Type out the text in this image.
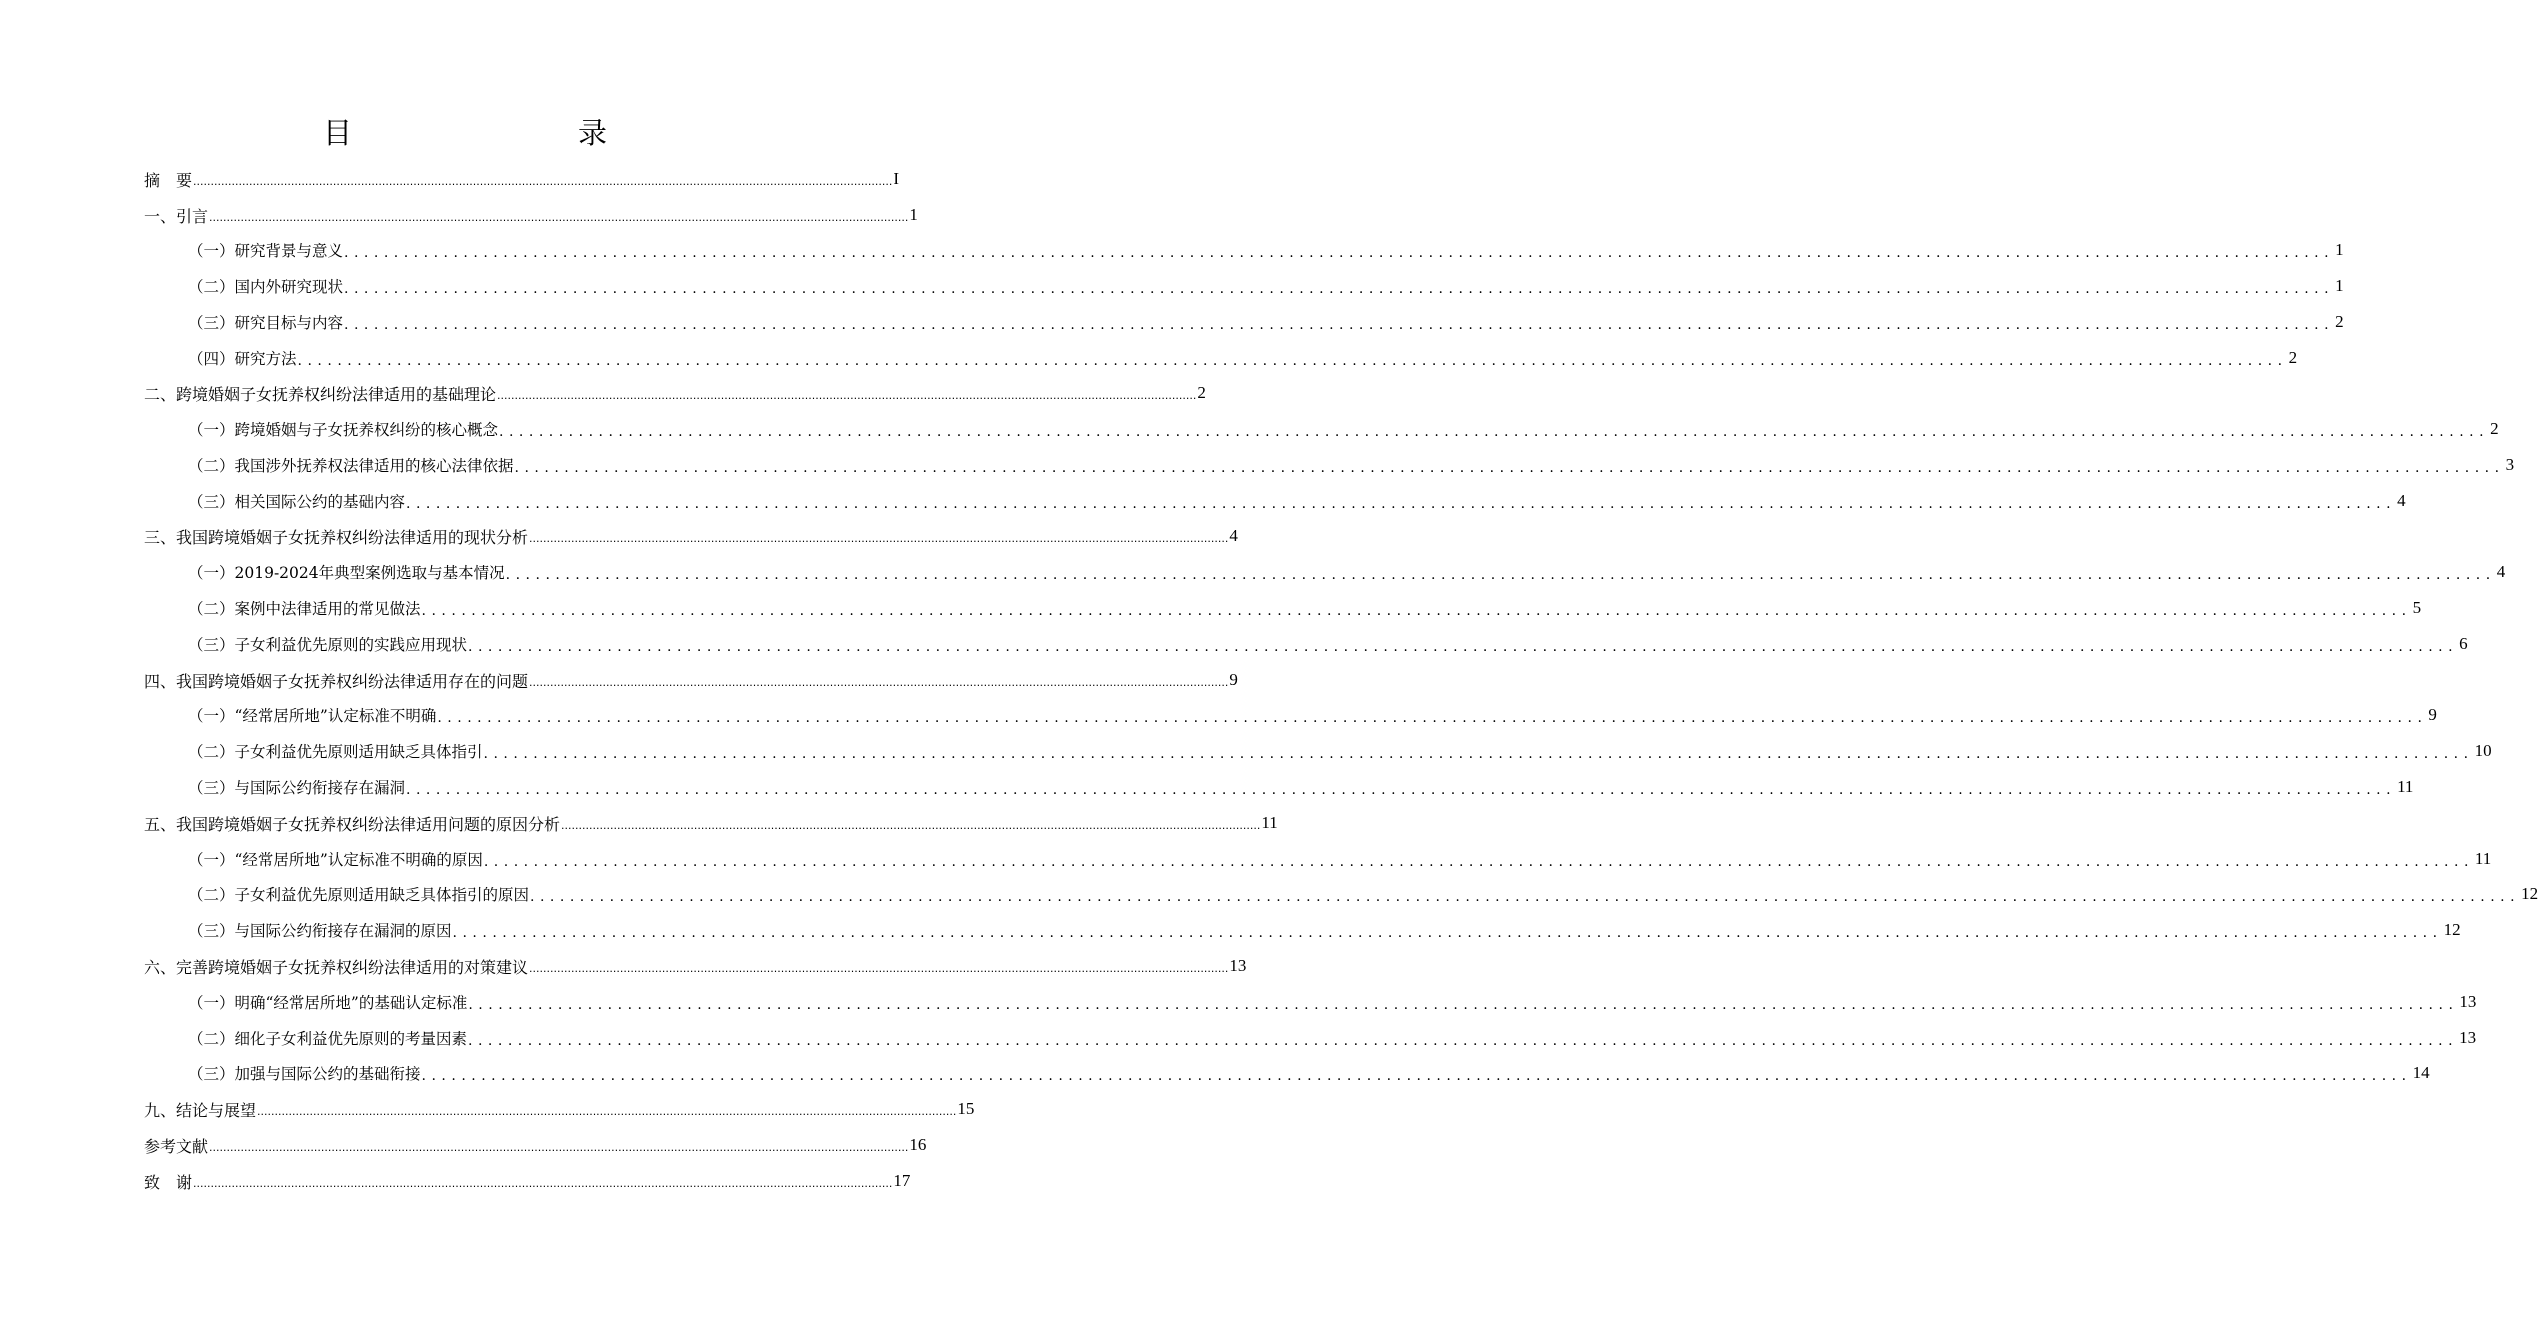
目　　录
摘　要 ........................................................................................................................................................................................................ I
一、引言 ........................................................................................................................................................................................................ 1
（一）研究背景与意义 ........................................................................................................................................................................................................ 1
（二）国内外研究现状 ........................................................................................................................................................................................................ 1
（三）研究目标与内容 ........................................................................................................................................................................................................ 2
（四）研究方法 ........................................................................................................................................................................................................ 2
二、跨境婚姻子女抚养权纠纷法律适用的基础理论 ........................................................................................................................................................................................................ 2
（一）跨境婚姻与子女抚养权纠纷的核心概念 ........................................................................................................................................................................................................ 2
（二）我国涉外抚养权法律适用的核心法律依据 ........................................................................................................................................................................................................ 3
（三）相关国际公约的基础内容 ........................................................................................................................................................................................................ 4
三、我国跨境婚姻子女抚养权纠纷法律适用的现状分析 ........................................................................................................................................................................................................ 4
（一）2019-2024年典型案例选取与基本情况 ........................................................................................................................................................................................................ 4
（二）案例中法律适用的常见做法 ........................................................................................................................................................................................................ 5
（三）子女利益优先原则的实践应用现状 ........................................................................................................................................................................................................ 6
四、我国跨境婚姻子女抚养权纠纷法律适用存在的问题 ........................................................................................................................................................................................................ 9
（一）“经常居所地”认定标准不明确 ........................................................................................................................................................................................................ 9
（二）子女利益优先原则适用缺乏具体指引 ........................................................................................................................................................................................................ 10
（三）与国际公约衔接存在漏洞 ........................................................................................................................................................................................................ 11
五、我国跨境婚姻子女抚养权纠纷法律适用问题的原因分析 ........................................................................................................................................................................................................ 11
（一）“经常居所地”认定标准不明确的原因 ........................................................................................................................................................................................................ 11
（二）子女利益优先原则适用缺乏具体指引的原因 ........................................................................................................................................................................................................ 12
（三）与国际公约衔接存在漏洞的原因 ........................................................................................................................................................................................................ 12
六、完善跨境婚姻子女抚养权纠纷法律适用的对策建议 ........................................................................................................................................................................................................ 13
（一）明确“经常居所地”的基础认定标准 ........................................................................................................................................................................................................ 13
（二）细化子女利益优先原则的考量因素 ........................................................................................................................................................................................................ 13
（三）加强与国际公约的基础衔接 ........................................................................................................................................................................................................ 14
九、结论与展望 ........................................................................................................................................................................................................ 15
参考文献 ........................................................................................................................................................................................................ 16
致　谢 ........................................................................................................................................................................................................ 17
